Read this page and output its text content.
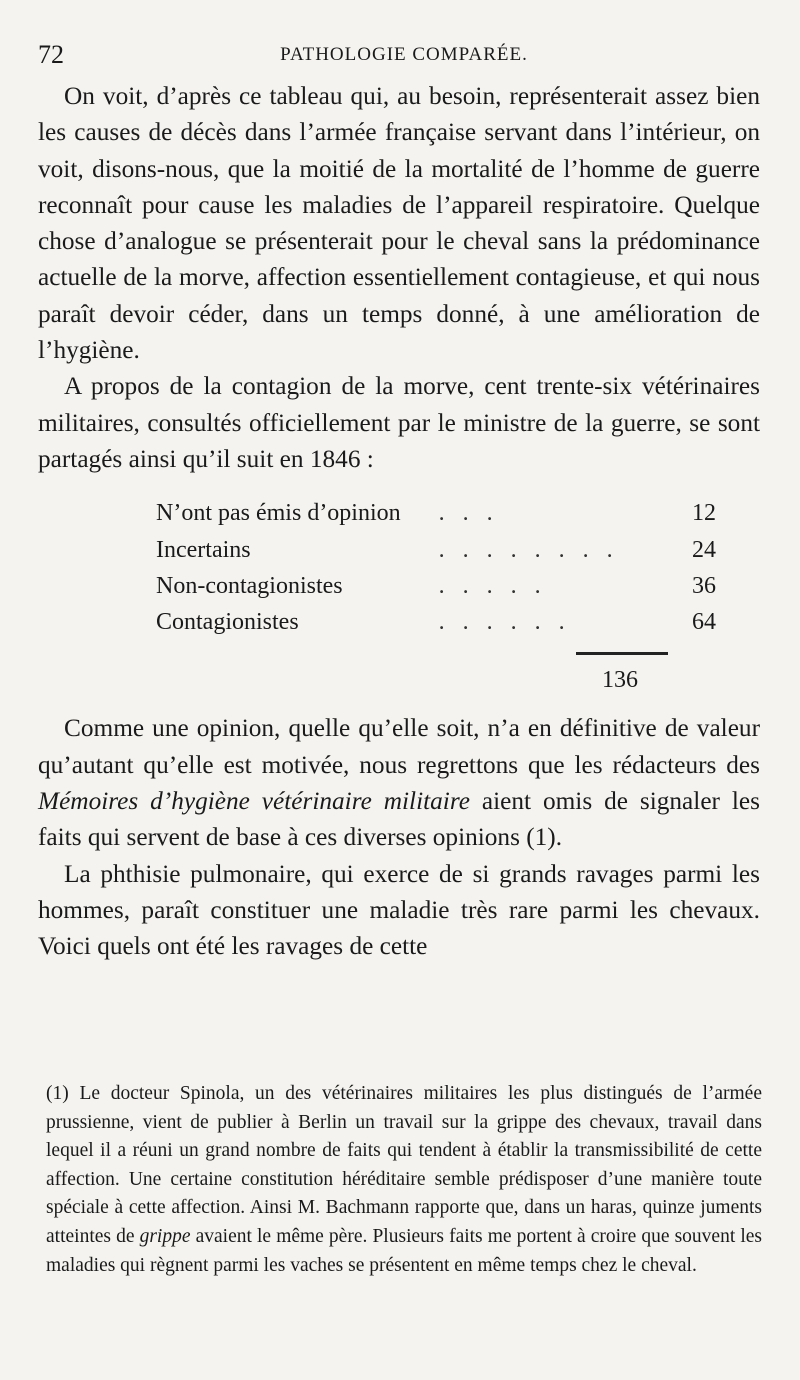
72	PATHOLOGIE COMPARÉE.

On voit, d’après ce tableau qui, au besoin, représenterait assez bien les causes de décès dans l’armée française servant dans l’intérieur, on voit, disons-nous, que la moitié de la mortalité de l’homme de guerre reconnaît pour cause les maladies de l’appareil respiratoire. Quelque chose d’analogue se présenterait pour le cheval sans la prédominance actuelle de la morve, affection essentiellement contagieuse, et qui nous paraît devoir céder, dans un temps donné, à une amélioration de l’hygiène.

A propos de la contagion de la morve, cent trente-six vétérinaires militaires, consultés officiellement par le ministre de la guerre, se sont partagés ainsi qu’il suit en 1846 :

N’ont pas émis d’opinion	. . .	12
Incertains	. . . . . . . .	24
Non-contagionistes	. . . . .	36
Contagionistes	. . . . . .	64
136

Comme une opinion, quelle qu’elle soit, n’a en définitive de valeur qu’autant qu’elle est motivée, nous regrettons que les rédacteurs des Mémoires d’hygiène vétérinaire militaire aient omis de signaler les faits qui servent de base à ces diverses opinions (1).

La phthisie pulmonaire, qui exerce de si grands ravages parmi les hommes, paraît constituer une maladie très rare parmi les chevaux. Voici quels ont été les ravages de cette

(1) Le docteur Spinola, un des vétérinaires militaires les plus distingués de l’armée prussienne, vient de publier à Berlin un travail sur la grippe des chevaux, travail dans lequel il a réuni un grand nombre de faits qui tendent à établir la transmissibilité de cette affection. Une certaine constitution héréditaire semble prédisposer d’une manière toute spéciale à cette affection. Ainsi M. Bachmann rapporte que, dans un haras, quinze juments atteintes de grippe avaient le même père. Plusieurs faits me portent à croire que souvent les maladies qui règnent parmi les vaches se présentent en même temps chez le cheval.
